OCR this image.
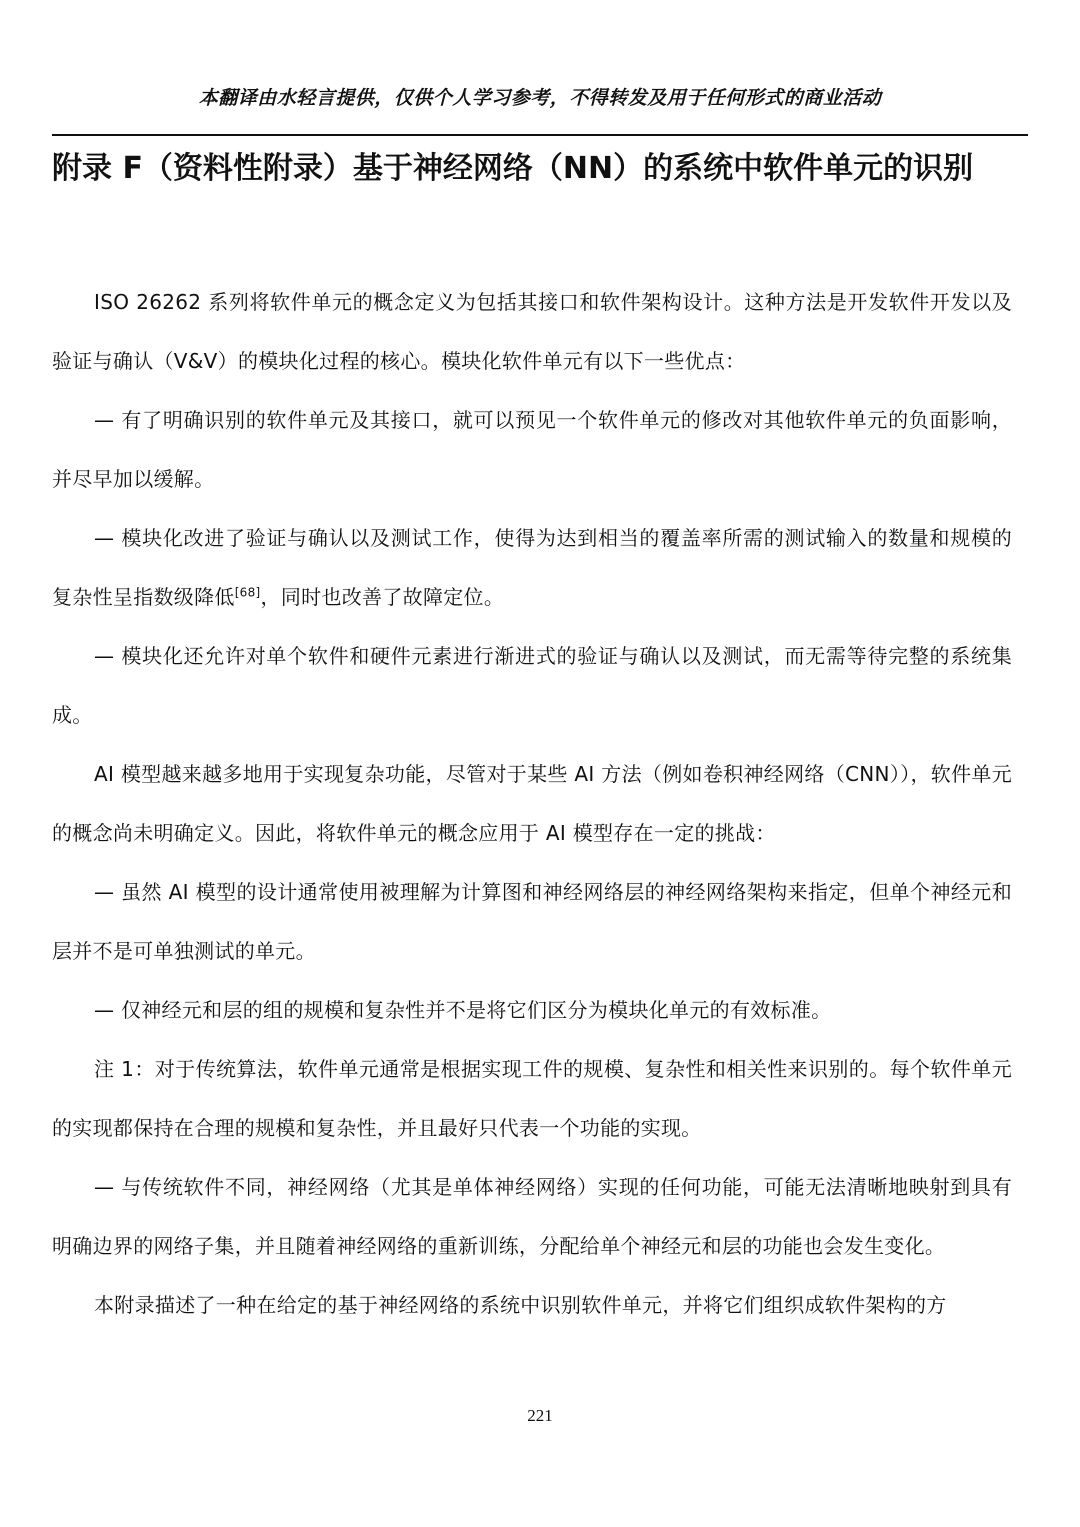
本翻译由水轻言提供，仅供个人学习参考，不得转发及用于任何形式的商业活动
附录 F（资料性附录）基于神经网络（NN）的系统中软件单元的识别

ISO 26262 系列将软件单元的概念定义为包括其接口和软件架构设计。这种方法是开发软件开发以及验证与确认（V&V）的模块化过程的核心。模块化软件单元有以下一些优点：

— 有了明确识别的软件单元及其接口，就可以预见一个软件单元的修改对其他软件单元的负面影响，并尽早加以缓解。

— 模块化改进了验证与确认以及测试工作，使得为达到相当的覆盖率所需的测试输入的数量和规模的复杂性呈指数级降低[68]，同时也改善了故障定位。

— 模块化还允许对单个软件和硬件元素进行渐进式的验证与确认以及测试，而无需等待完整的系统集成。

AI 模型越来越多地用于实现复杂功能，尽管对于某些 AI 方法（例如卷积神经网络（CNN）），软件单元的概念尚未明确定义。因此，将软件单元的概念应用于 AI 模型存在一定的挑战：

— 虽然 AI 模型的设计通常使用被理解为计算图和神经网络层的神经网络架构来指定，但单个神经元和层并不是可单独测试的单元。

— 仅神经元和层的组的规模和复杂性并不是将它们区分为模块化单元的有效标准。

注 1：对于传统算法，软件单元通常是根据实现工件的规模、复杂性和相关性来识别的。每个软件单元的实现都保持在合理的规模和复杂性，并且最好只代表一个功能的实现。

— 与传统软件不同，神经网络（尤其是单体神经网络）实现的任何功能，可能无法清晰地映射到具有明确边界的网络子集，并且随着神经网络的重新训练，分配给单个神经元和层的功能也会发生变化。

本附录描述了一种在给定的基于神经网络的系统中识别软件单元，并将它们组织成软件架构的方

221
